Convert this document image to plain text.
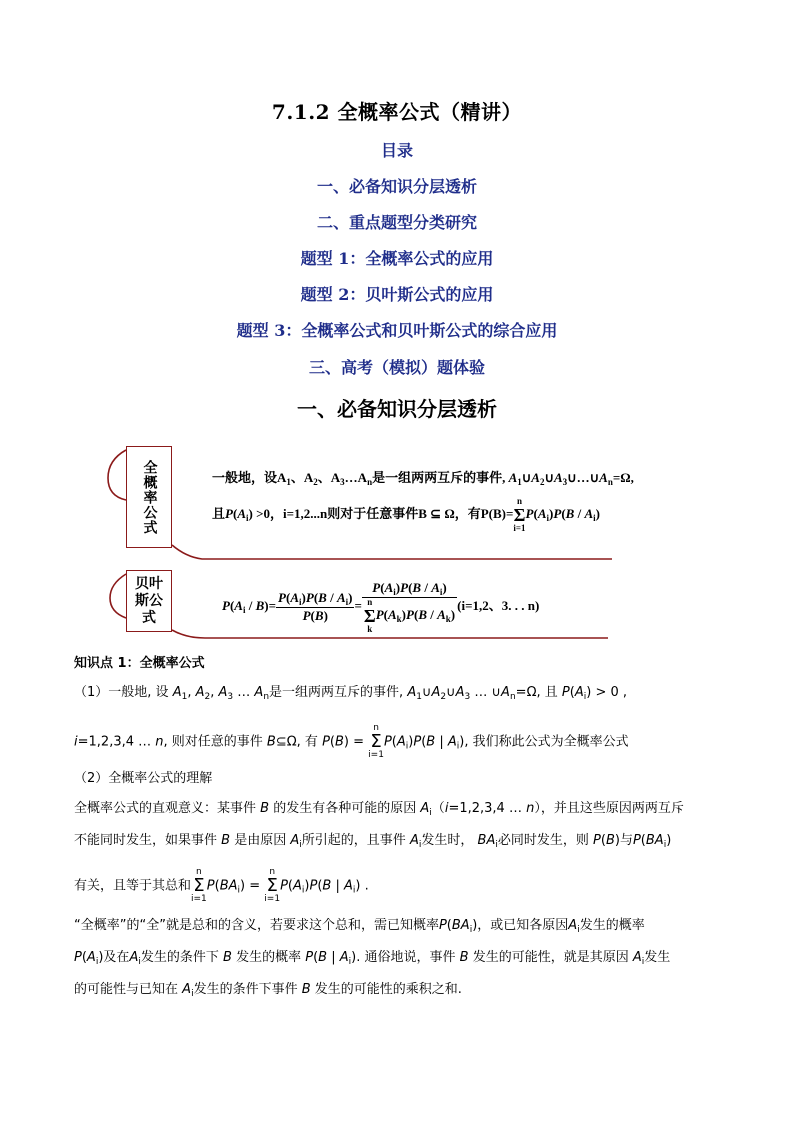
7.1.2 全概率公式（精讲）
目录
一、必备知识分层透析
二、重点题型分类研究
题型 1：全概率公式的应用
题型 2：贝叶斯公式的应用
题型 3：全概率公式和贝叶斯公式的综合应用
三、高考（模拟）题体验
一、必备知识分层透析
全概率公式	一般地，设$A_1$、$A_2$、$A_3\dots A_n$是一组两两互斥的事件, $A_1\cup A_2\cup A_3\cup\dots\cup A_n=\Omega$,
且$P(A_i) >0$，i=1,2...n则对于任意事件B ⊆ Ω，有P(B)=n
Σ
$i=1P(A_i)P(B / A_i)$
贝叶
斯公
式
$P(A_i / B)= \frac{P(A_i)P(B / A_i)}{P(B)} = P(A_i)P(B / A_i)$
n
Σ
$kP(A_k)P(B / A_k)$ (i=1,2、3. . . n)
知识点 1：全概率公式
（1）一般地, 设 $A_1$, $A_2$, $A_3$ … $A_n$是一组两两互斥的事件, $A_1\cup A_2\cup A_3$ … $\cup A_n=\Omega$, 且 $P(A_i) > 0$ ,
i=1,2,3,4 … n, 则对任意的事件 B⊆Ω, 有 P(B) = n
Σ
$i=1P(A_i)P(B$ | $A_i$), 我们称此公式为全概率公式
（2）全概率公式的理解
全概率公式的直观意义：某事件 B 的发生有各种可能的原因 $A_i(i=1,2,3,4$ … n），并且这些原因两两互斥
不能同时发生，如果事件 B 是由原因 $A_i$所引起的，且事件 $A_i$发生时， $BA_i$必同时发生，则 P(B)与$P(BA_i)$
有关，且等于其总和n
Σ
$i=1P(BA_i) = n$
Σ
$i=1P(A_i)P(B$ | $A_i$) .
“全概率”的“全”就是总和的含义，若要求这个总和，需已知概率$P(BA_i)$，或已知各原因$A_i$发生的概率
$P(A_i)$及在$A_i$发生的条件下 B 发生的概率 P(B | $A_i$). 通俗地说，事件 B 发生的可能性，就是其原因 $A_i$发生
的可能性与已知在 $A_i$发生的条件下事件 B 发生的可能性的乘积之和.
